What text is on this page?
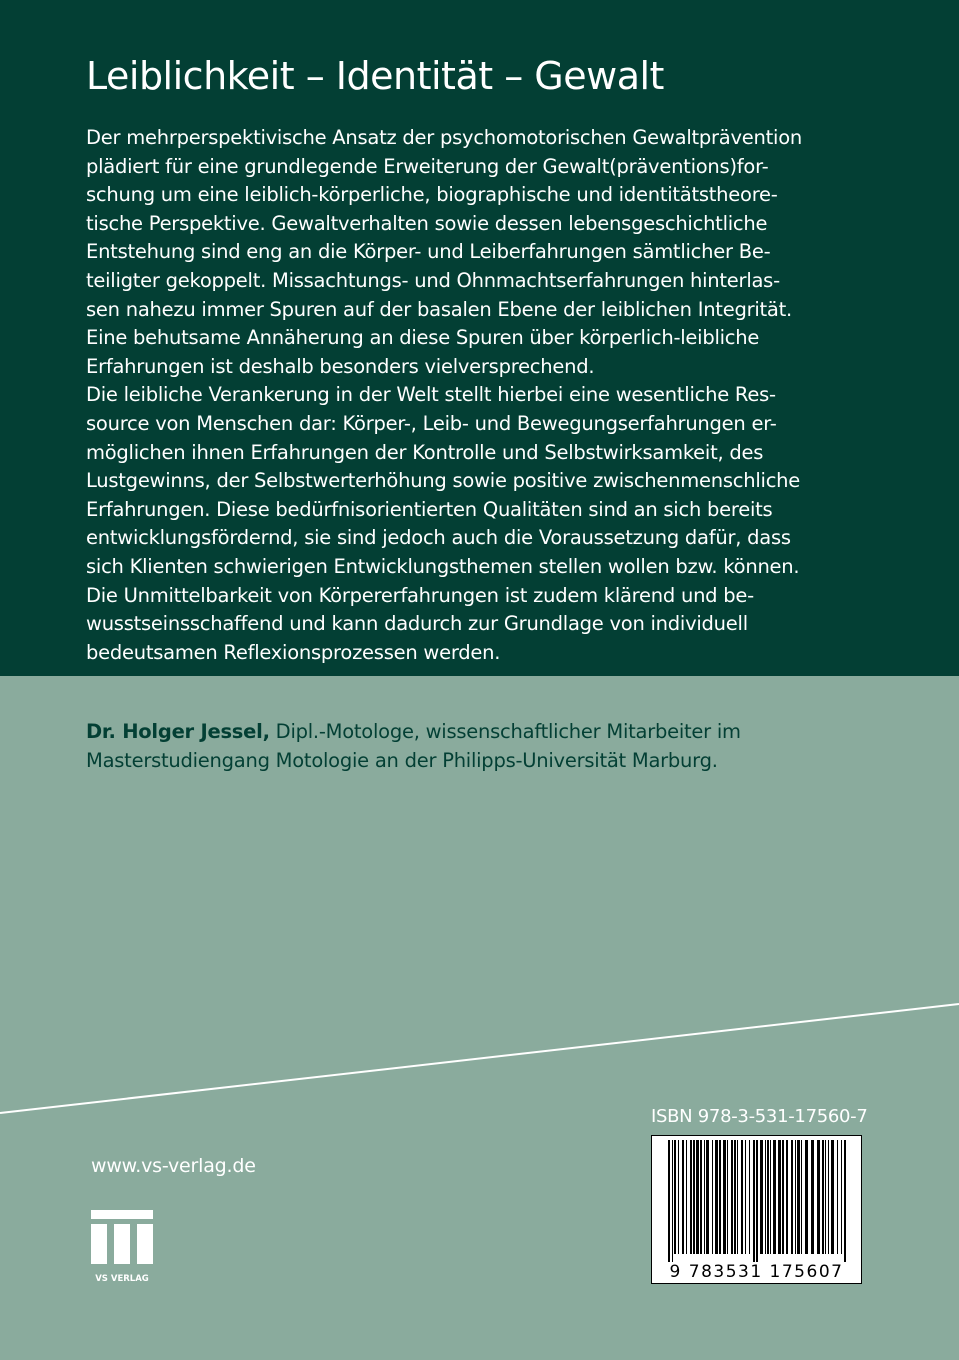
Leiblichkeit – Identität – Gewalt
Der mehrperspektivische Ansatz der psychomotorischen Gewaltprävention
plädiert für eine grundlegende Erweiterung der Gewalt(präventions)for-
schung um eine leiblich-körperliche, biographische und identitätstheore-
tische Perspektive. Gewaltverhalten sowie dessen lebensgeschichtliche
Entstehung sind eng an die Körper- und Leiberfahrungen sämtlicher Be-
teiligter gekoppelt. Missachtungs- und Ohnmachtserfahrungen hinterlas-
sen nahezu immer Spuren auf der basalen Ebene der leiblichen Integrität.
Eine behutsame Annäherung an diese Spuren über körperlich-leibliche
Erfahrungen ist deshalb besonders vielversprechend.
Die leibliche Verankerung in der Welt stellt hierbei eine wesentliche Res-
source von Menschen dar: Körper-, Leib- und Bewegungserfahrungen er-
möglichen ihnen Erfahrungen der Kontrolle und Selbstwirksamkeit, des
Lustgewinns, der Selbstwerterhöhung sowie positive zwischenmenschliche
Erfahrungen. Diese bedürfnisorientierten Qualitäten sind an sich bereits
entwicklungsfördernd, sie sind jedoch auch die Voraussetzung dafür, dass
sich Klienten schwierigen Entwicklungsthemen stellen wollen bzw. können.
Die Unmittelbarkeit von Körpererfahrungen ist zudem klärend und be-
wusstseinsschaffend und kann dadurch zur Grundlage von individuell
bedeutsamen Reflexionsprozessen werden.
Dr. Holger Jessel, Dipl.-Motologe, wissenschaftlicher Mitarbeiter im
Masterstudiengang Motologie an der Philipps-Universität Marburg.
ISBN 978-3-531-17560-7
9 783531 175607
www.vs-verlag.de
VS VERLAG
